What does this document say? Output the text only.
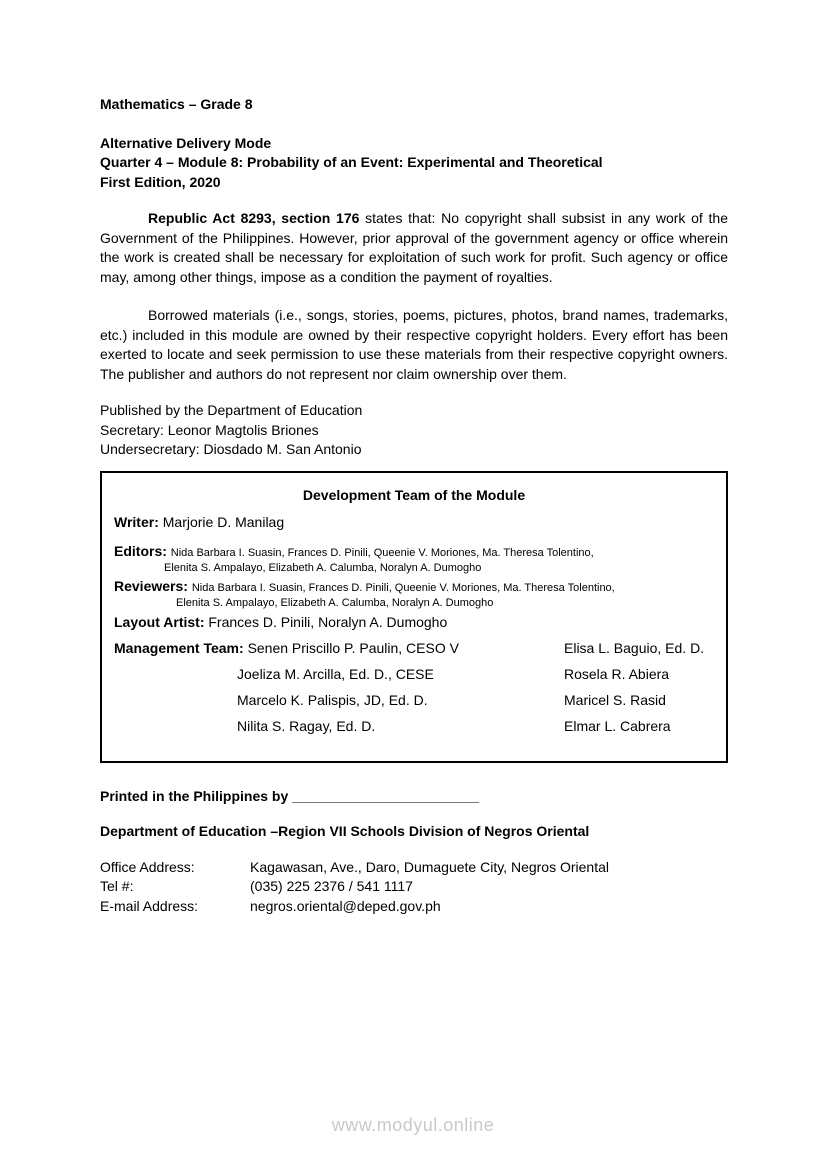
Mathematics – Grade 8
Alternative Delivery Mode
Quarter 4 – Module 8: Probability of an Event: Experimental and Theoretical
First Edition, 2020

Republic Act 8293, section 176 states that: No copyright shall subsist in any work of the Government of the Philippines. However, prior approval of the government agency or office wherein the work is created shall be necessary for exploitation of such work for profit. Such agency or office may, among other things, impose as a condition the payment of royalties.

Borrowed materials (i.e., songs, stories, poems, pictures, photos, brand names, trademarks, etc.) included in this module are owned by their respective copyright holders. Every effort has been exerted to locate and seek permission to use these materials from their respective copyright owners. The publisher and authors do not represent nor claim ownership over them.

Published by the Department of Education
Secretary: Leonor Magtolis Briones
Undersecretary: Diosdado M. San Antonio
Development Team of the Module
Writer: Marjorie D. Manilag
Editors: Nida Barbara I. Suasin, Frances D. Pinili, Queenie V. Moriones, Ma. Theresa Tolentino,
Elenita S. Ampalayo, Elizabeth A. Calumba, Noralyn A. Dumogho
Reviewers: Nida Barbara I. Suasin, Frances D. Pinili, Queenie V. Moriones, Ma. Theresa Tolentino,
Elenita S. Ampalayo, Elizabeth A. Calumba, Noralyn A. Dumogho
Layout Artist: Frances D. Pinili, Noralyn A. Dumogho
Management Team: Senen Priscillo P. Paulin, CESO V	Elisa L. Baguio, Ed. D.
Joeliza M. Arcilla, Ed. D., CESE	Rosela R. Abiera
Marcelo K. Palispis, JD, Ed. D.	Maricel S. Rasid
Nilita S. Ragay, Ed. D.	Elmar L. Cabrera
Printed in the Philippines by ________________________
Department of Education –Region VII Schools Division of Negros Oriental
Office Address:	Kagawasan, Ave., Daro, Dumaguete City, Negros Oriental
Tel #:	(035) 225 2376 / 541 1117
E-mail Address:	negros.oriental@deped.gov.ph
www.modyul.online
